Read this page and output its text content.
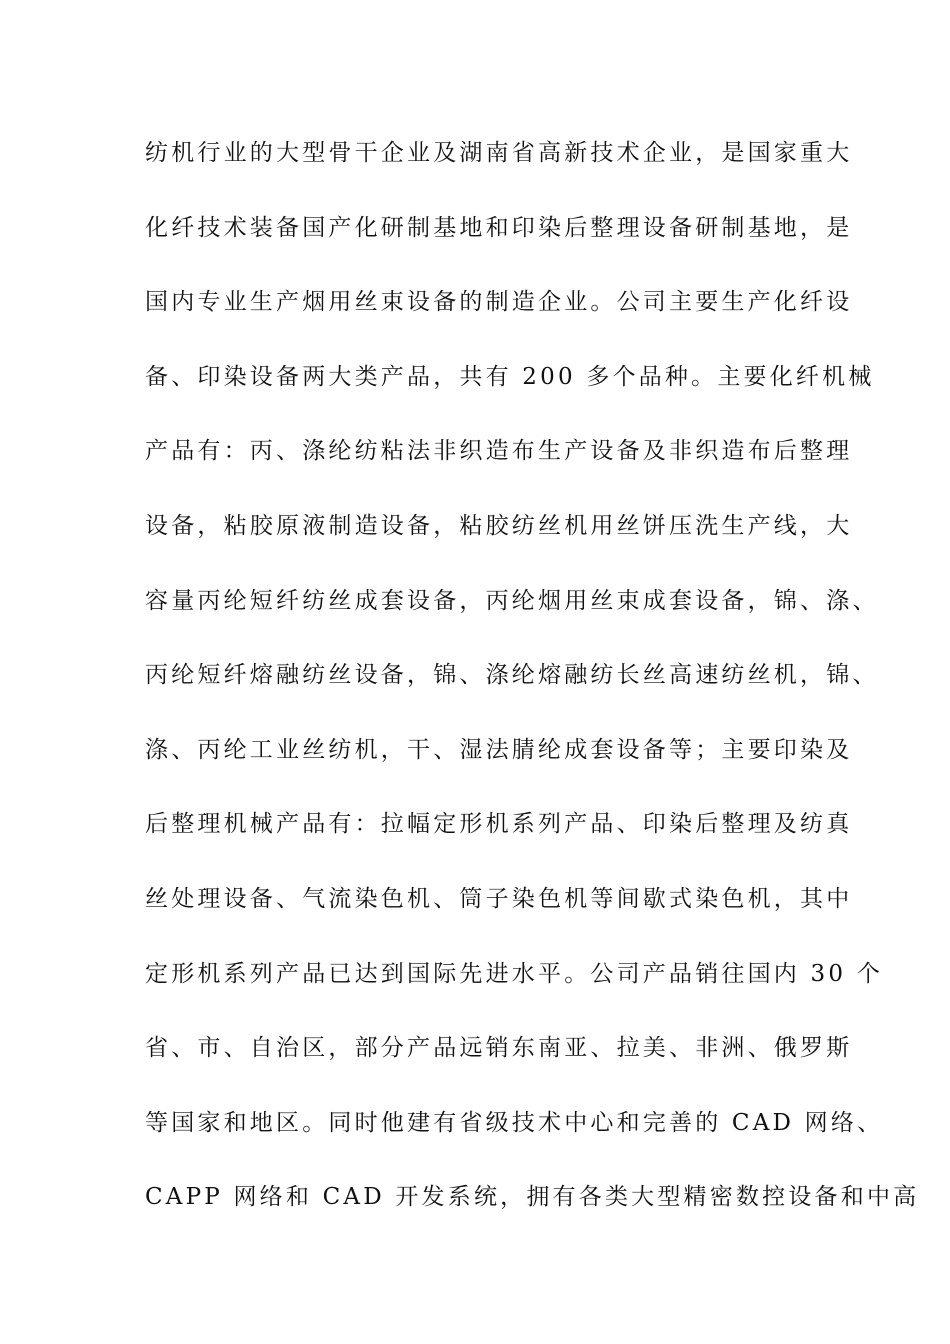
纺机行业的大型骨干企业及湖南省高新技术企业，是国家重大
化纤技术装备国产化研制基地和印染后整理设备研制基地，是
国内专业生产烟用丝束设备的制造企业。公司主要生产化纤设
备、印染设备两大类产品，共有 200 多个品种。主要化纤机械
产品有：丙、涤纶纺粘法非织造布生产设备及非织造布后整理
设备，粘胶原液制造设备，粘胶纺丝机用丝饼压洗生产线，大
容量丙纶短纤纺丝成套设备，丙纶烟用丝束成套设备，锦、涤、
丙纶短纤熔融纺丝设备，锦、涤纶熔融纺长丝高速纺丝机，锦、
涤、丙纶工业丝纺机，干、湿法腈纶成套设备等；主要印染及
后整理机械产品有：拉幅定形机系列产品、印染后整理及纺真
丝处理设备、气流染色机、筒子染色机等间歇式染色机，其中
定形机系列产品已达到国际先进水平。公司产品销往国内 30 个
省、市、自治区，部分产品远销东南亚、拉美、非洲、俄罗斯
等国家和地区。同时他建有省级技术中心和完善的 CAD 网络、
CAPP 网络和 CAD 开发系统，拥有各类大型精密数控设备和中高
